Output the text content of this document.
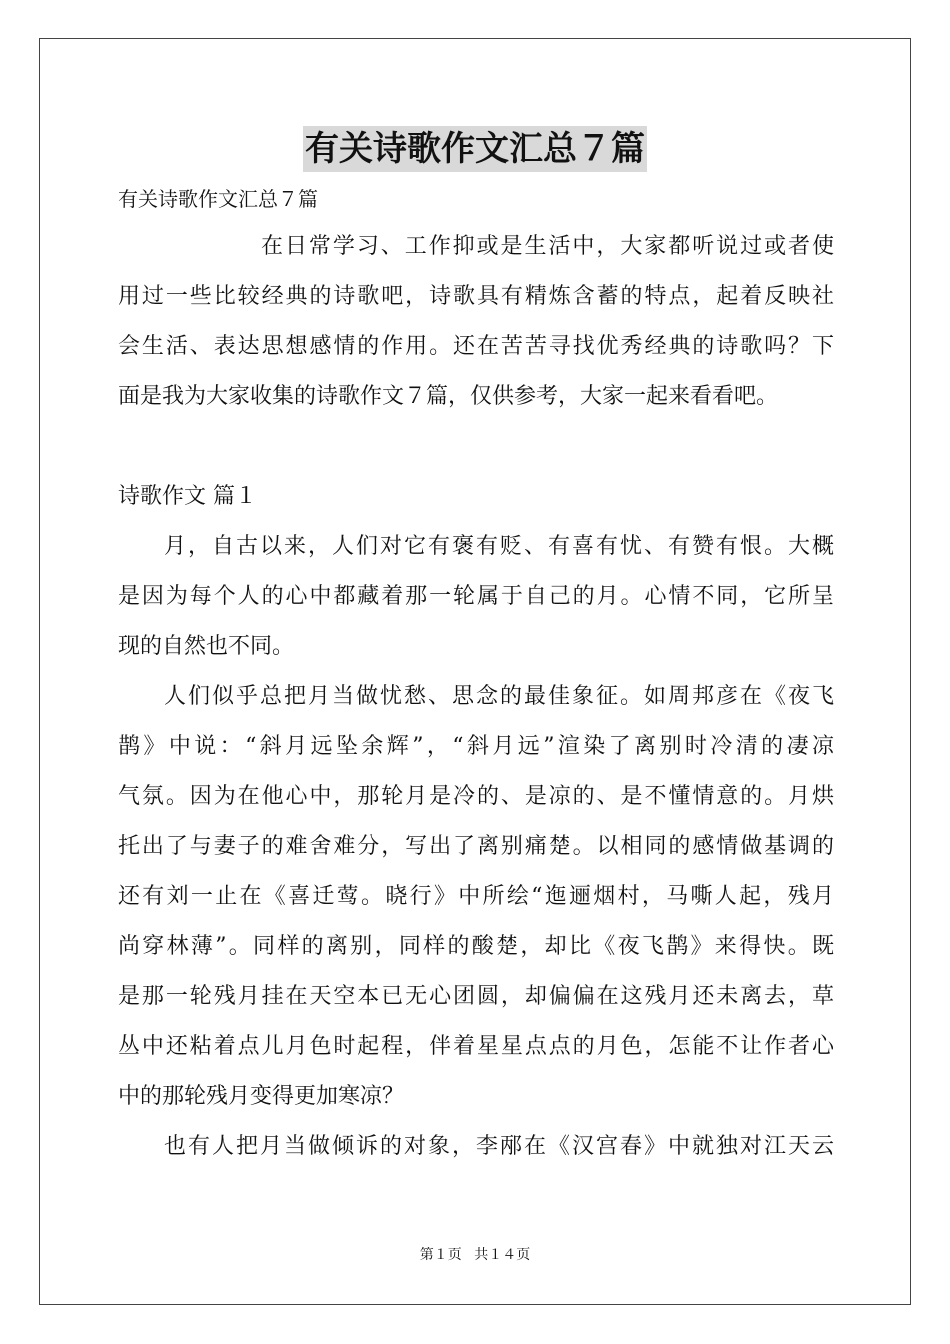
有关诗歌作文汇总７篇
有关诗歌作文汇总７篇
在日常学习、工作抑或是生活中，大家都听说过或者使
用过一些比较经典的诗歌吧，诗歌具有精炼含蓄的特点，起着反映社
会生活、表达思想感情的作用。还在苦苦寻找优秀经典的诗歌吗？下
面是我为大家收集的诗歌作文７篇，仅供参考，大家一起来看看吧。
诗歌作文 篇１
月，自古以来，人们对它有褒有贬、有喜有忧、有赞有恨。大概
是因为每个人的心中都藏着那一轮属于自己的月。心情不同，它所呈
现的自然也不同。
人们似乎总把月当做忧愁、思念的最佳象征。如周邦彦在《夜飞
鹊》中说：“斜月远坠余辉”，“斜月远”渲染了离别时冷清的凄凉
气氛。因为在他心中，那轮月是冷的、是凉的、是不懂情意的。月烘
托出了与妻子的难舍难分，写出了离别痛楚。以相同的感情做基调的
还有刘一止在《喜迁莺。晓行》中所绘“迤逦烟村，马嘶人起，残月
尚穿林薄”。同样的离别，同样的酸楚，却比《夜飞鹊》来得快。既
是那一轮残月挂在天空本已无心团圆，却偏偏在这残月还未离去，草
丛中还粘着点儿月色时起程，伴着星星点点的月色，怎能不让作者心
中的那轮残月变得更加寒凉？
也有人把月当做倾诉的对象，李邴在《汉宫春》中就独对江天云
第１页 共１４页
